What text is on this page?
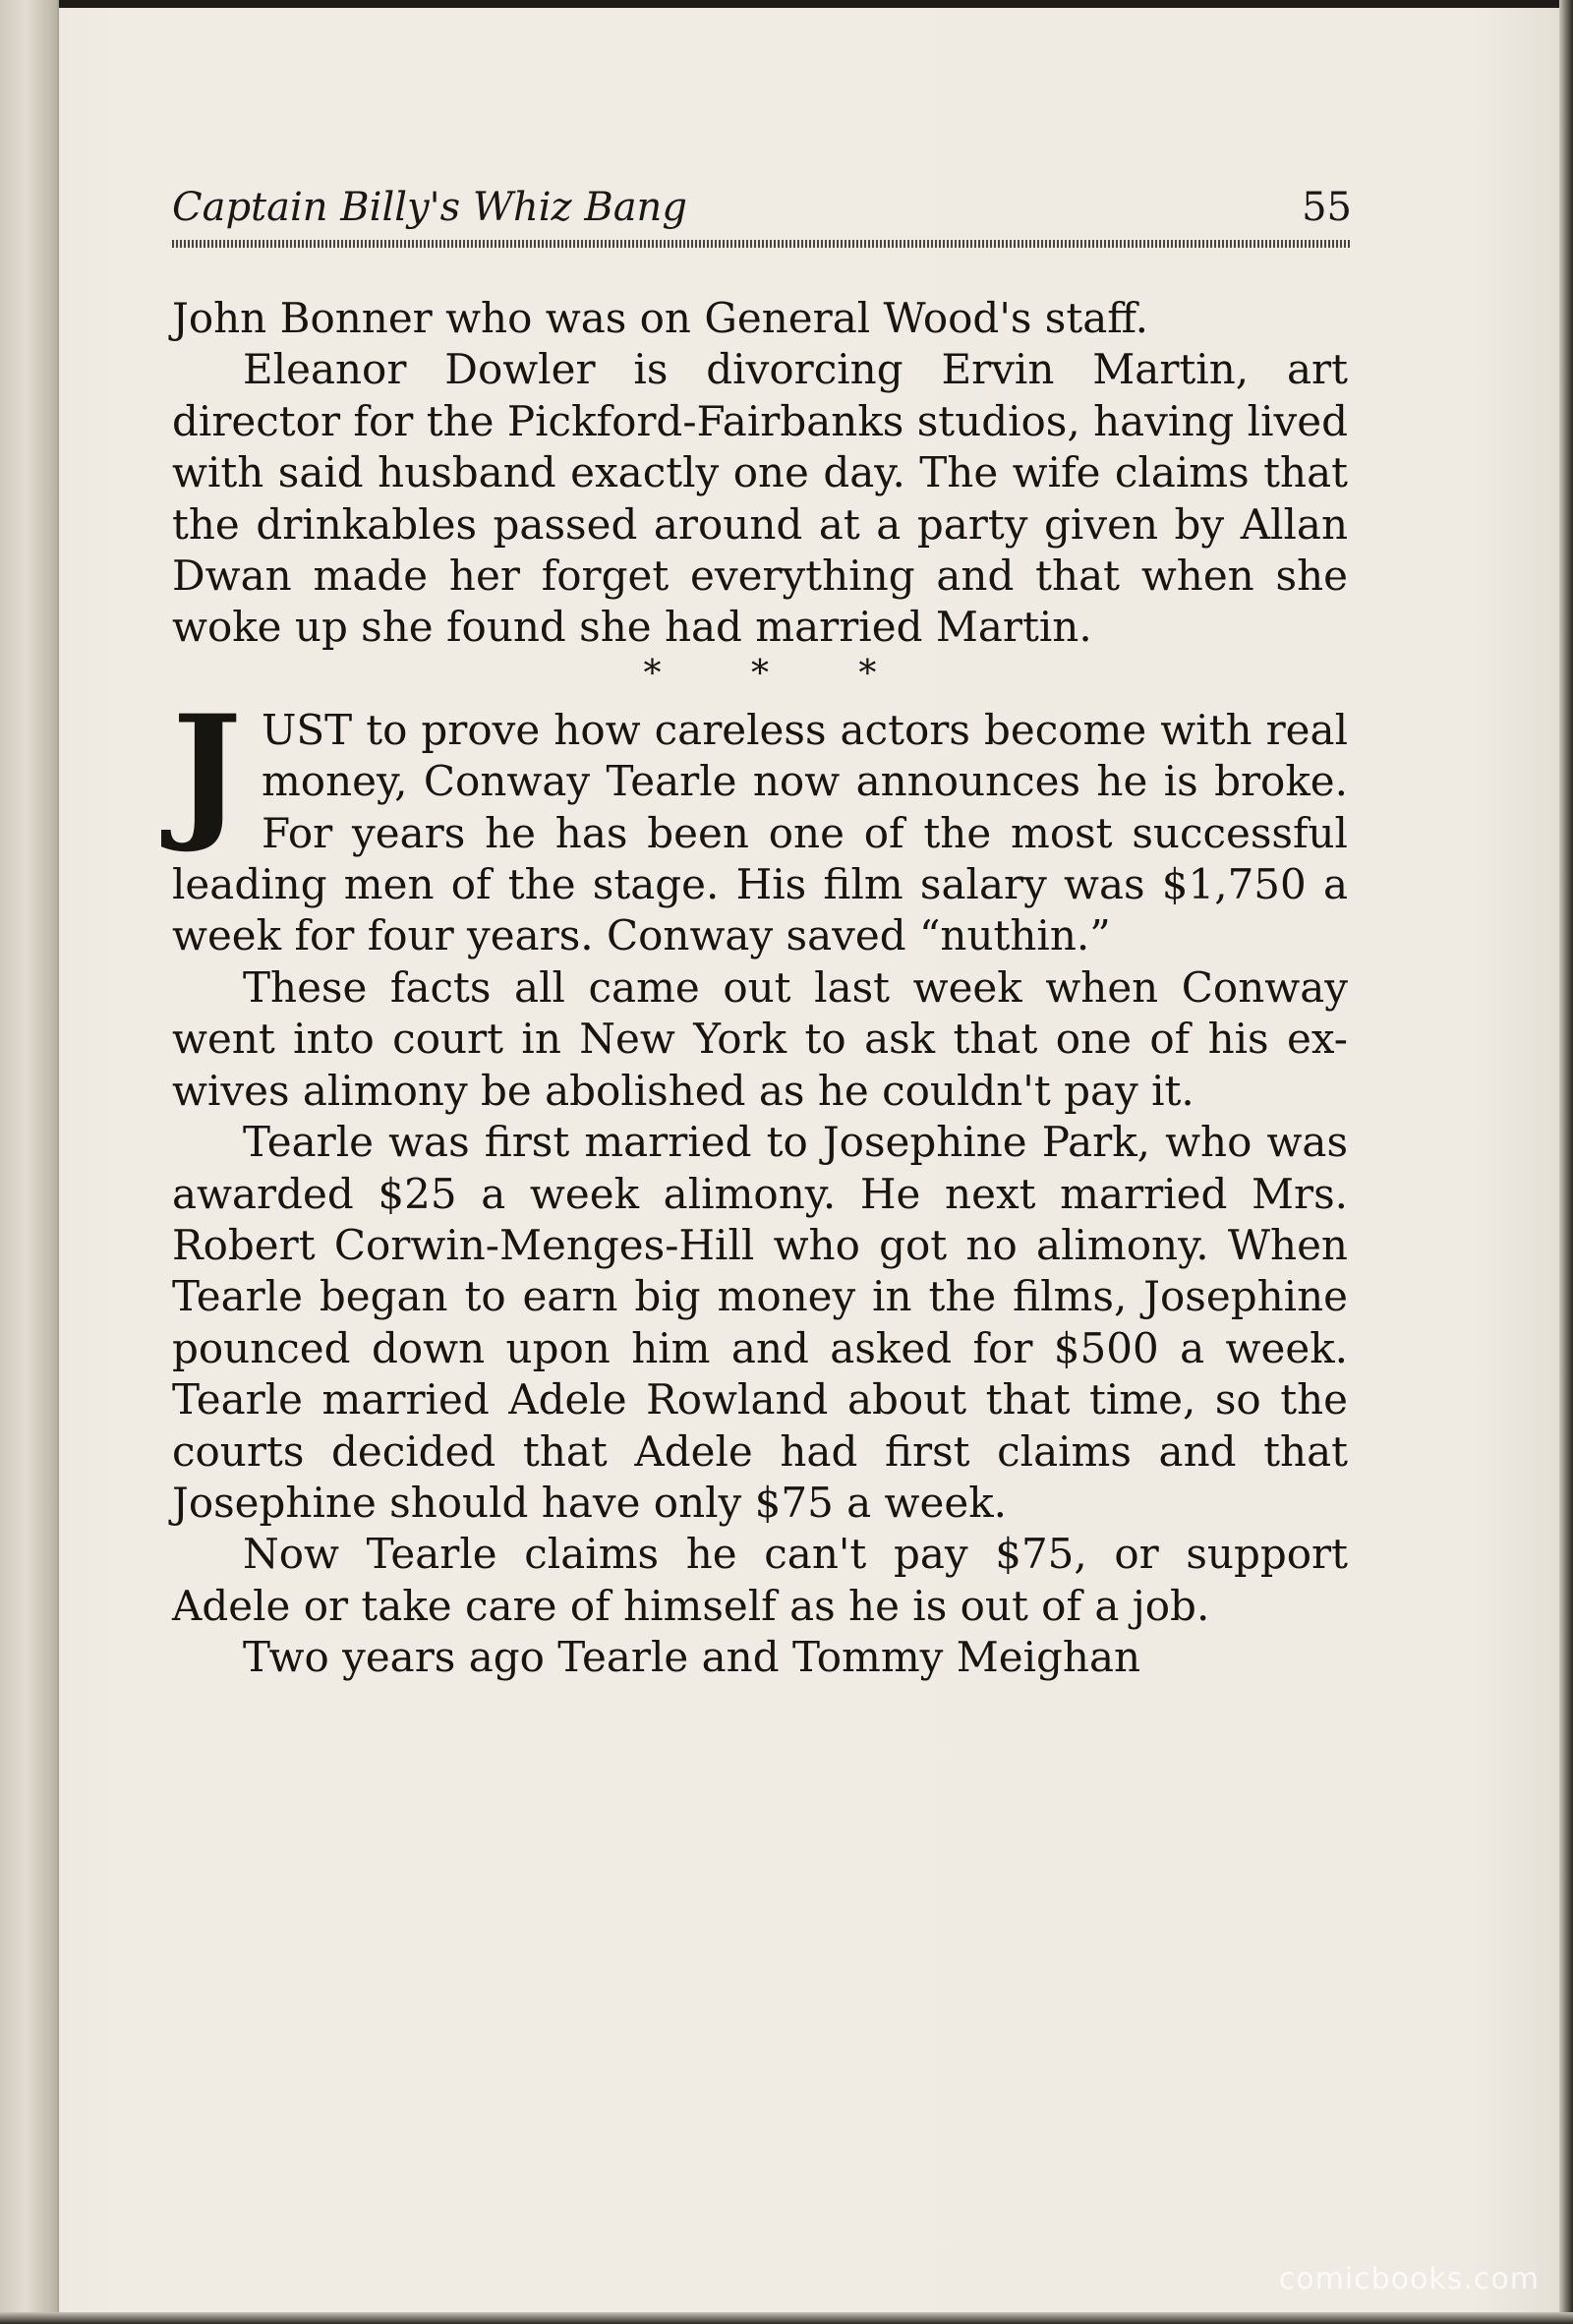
Captain Billy's Whiz Bang	55

John Bonner who was on General Wood's staff.

Eleanor Dowler is divorcing Ervin Martin, art director for the Pickford-Fairbanks studios, having lived with said husband exactly one day. The wife claims that the drinkables passed around at a party given by Allan Dwan made her forget everything and that when she woke up she found she had married Martin.

* * *

JUST to prove how careless actors become with real money, Conway Tearle now announces he is broke. For years he has been one of the most successful leading men of the stage. His film salary was $1,750 a week for four years. Conway saved “nuthin.”

These facts all came out last week when Conway went into court in New York to ask that one of his ex-wives alimony be abolished as he couldn't pay it.

Tearle was first married to Josephine Park, who was awarded $25 a week alimony. He next married Mrs. Robert Corwin-Menges-Hill who got no alimony. When Tearle began to earn big money in the films, Josephine pounced down upon him and asked for $500 a week. Tearle married Adele Rowland about that time, so the courts decided that Adele had first claims and that Josephine should have only $75 a week.

Now Tearle claims he can't pay $75, or support Adele or take care of himself as he is out of a job.

Two years ago Tearle and Tommy Meighan

comicbooks.com
